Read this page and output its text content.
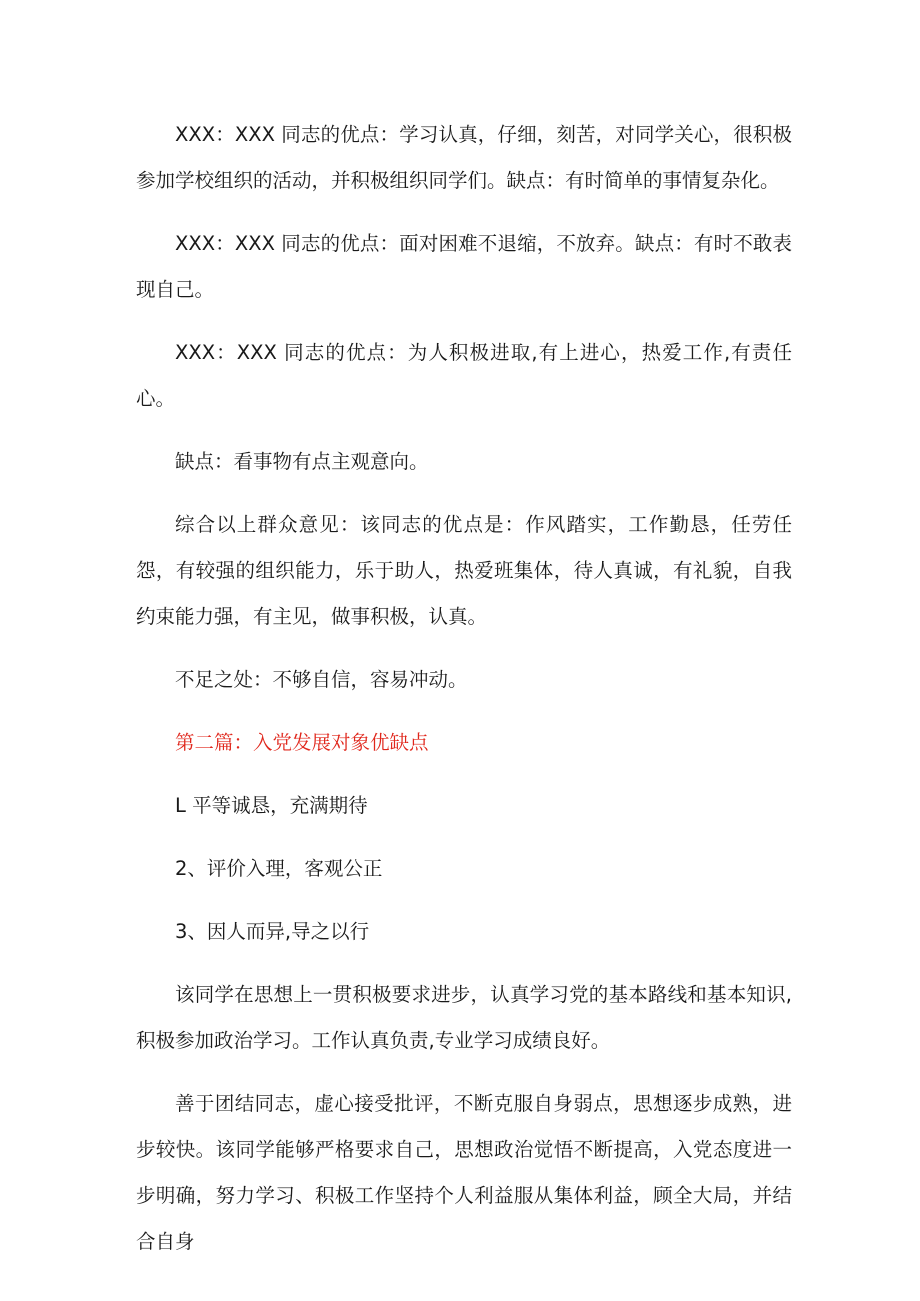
XXX：XXX 同志的优点：学习认真，仔细，刻苦，对同学关心，很积极参加学校组织的活动，并积极组织同学们。缺点：有时简单的事情复杂化。

XXX：XXX 同志的优点：面对困难不退缩，不放弃。缺点：有时不敢表现自己。

XXX：XXX 同志的优点：为人积极进取,有上进心，热爱工作,有责任心。

缺点：看事物有点主观意向。

综合以上群众意见：该同志的优点是：作风踏实，工作勤恳，任劳任怨，有较强的组织能力，乐于助人，热爱班集体，待人真诚，有礼貌，自我约束能力强，有主见，做事积极，认真。

不足之处：不够自信，容易冲动。

第二篇：入党发展对象优缺点

L 平等诚恳，充满期待

2、评价入理，客观公正

3、因人而异,导之以行

该同学在思想上一贯积极要求进步，认真学习党的基本路线和基本知识,积极参加政治学习。工作认真负责,专业学习成绩良好。

善于团结同志，虚心接受批评，不断克服自身弱点，思想逐步成熟，进步较快。该同学能够严格要求自己，思想政治觉悟不断提高，入党态度进一步明确，努力学习、积极工作坚持个人利益服从集体利益，顾全大局，并结合自身
